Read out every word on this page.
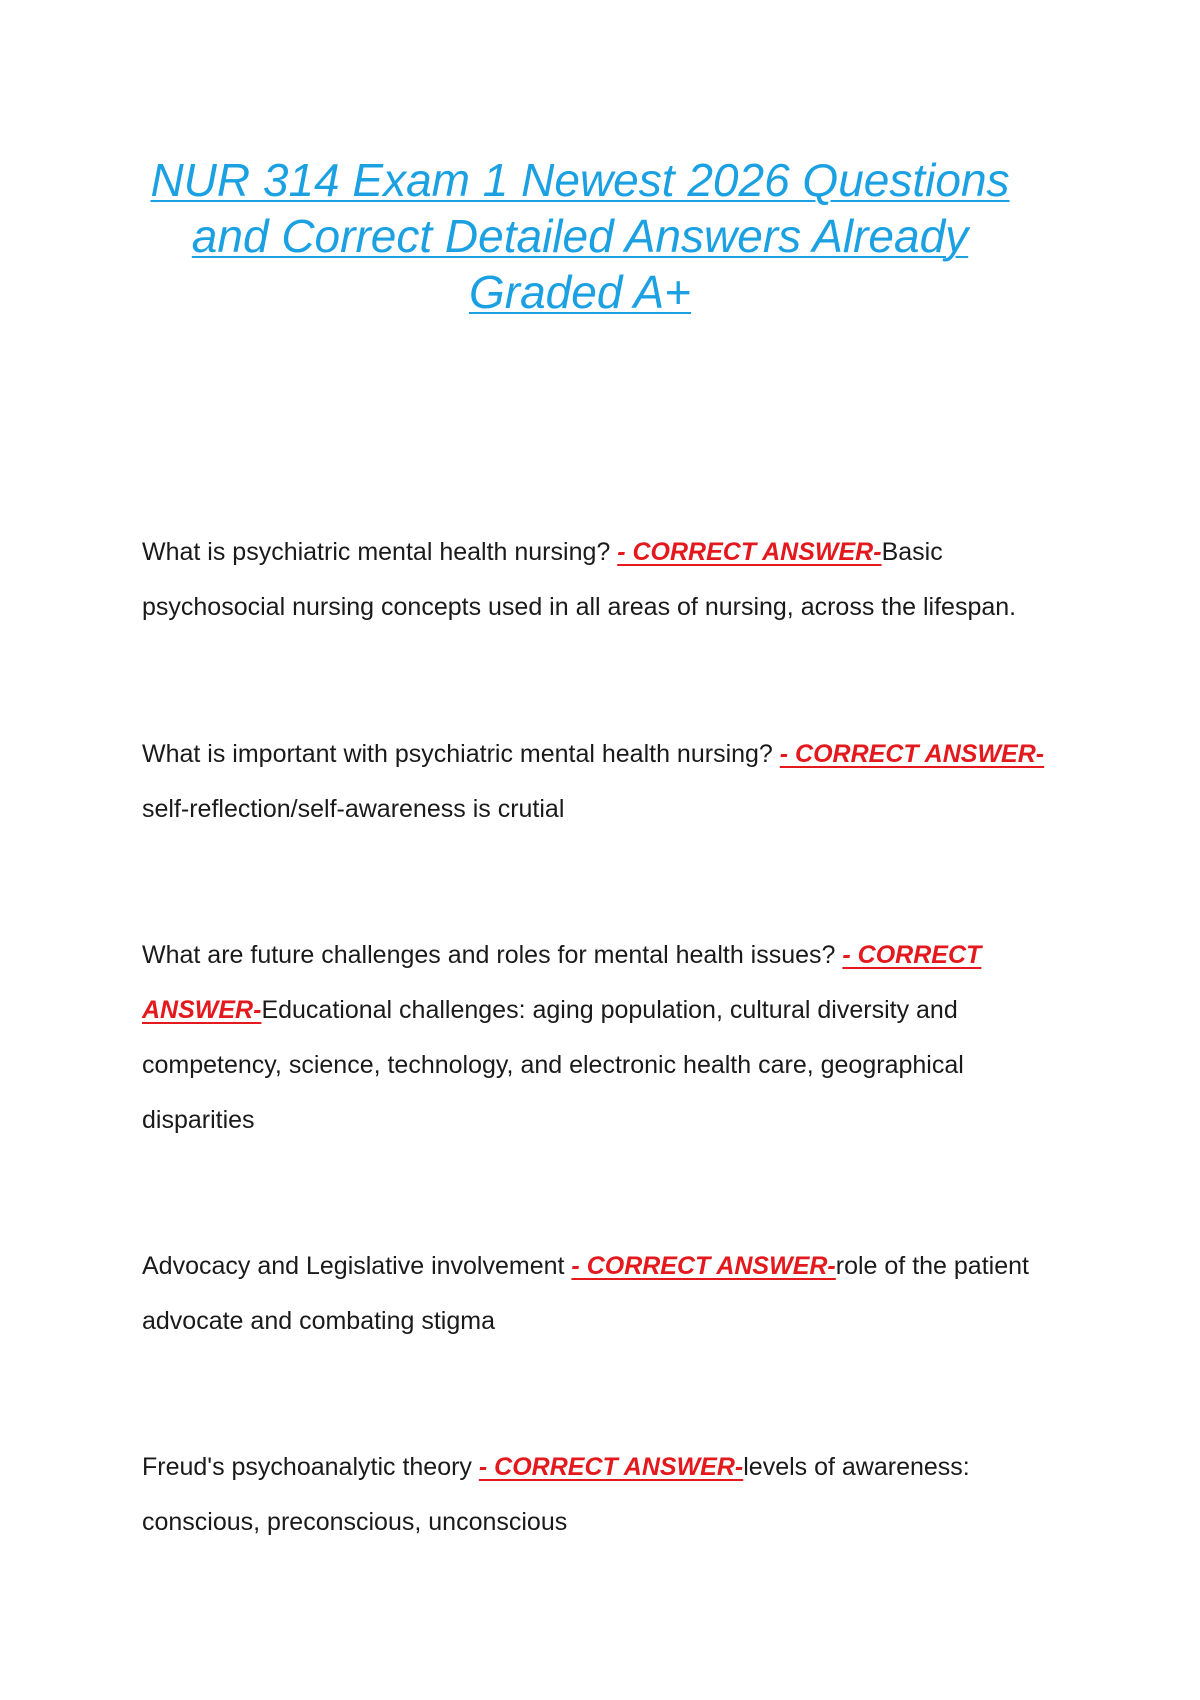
NUR 314 Exam 1 Newest 2026 Questions and Correct Detailed Answers Already Graded A+

What is psychiatric mental health nursing? - CORRECT ANSWER-Basic psychosocial nursing concepts used in all areas of nursing, across the lifespan.

What is important with psychiatric mental health nursing? - CORRECT ANSWER-self-reflection/self-awareness is crutial

What are future challenges and roles for mental health issues? - CORRECT ANSWER-Educational challenges: aging population, cultural diversity and competency, science, technology, and electronic health care, geographical disparities

Advocacy and Legislative involvement - CORRECT ANSWER-role of the patient advocate and combating stigma

Freud's psychoanalytic theory - CORRECT ANSWER-levels of awareness: conscious, preconscious, unconscious
